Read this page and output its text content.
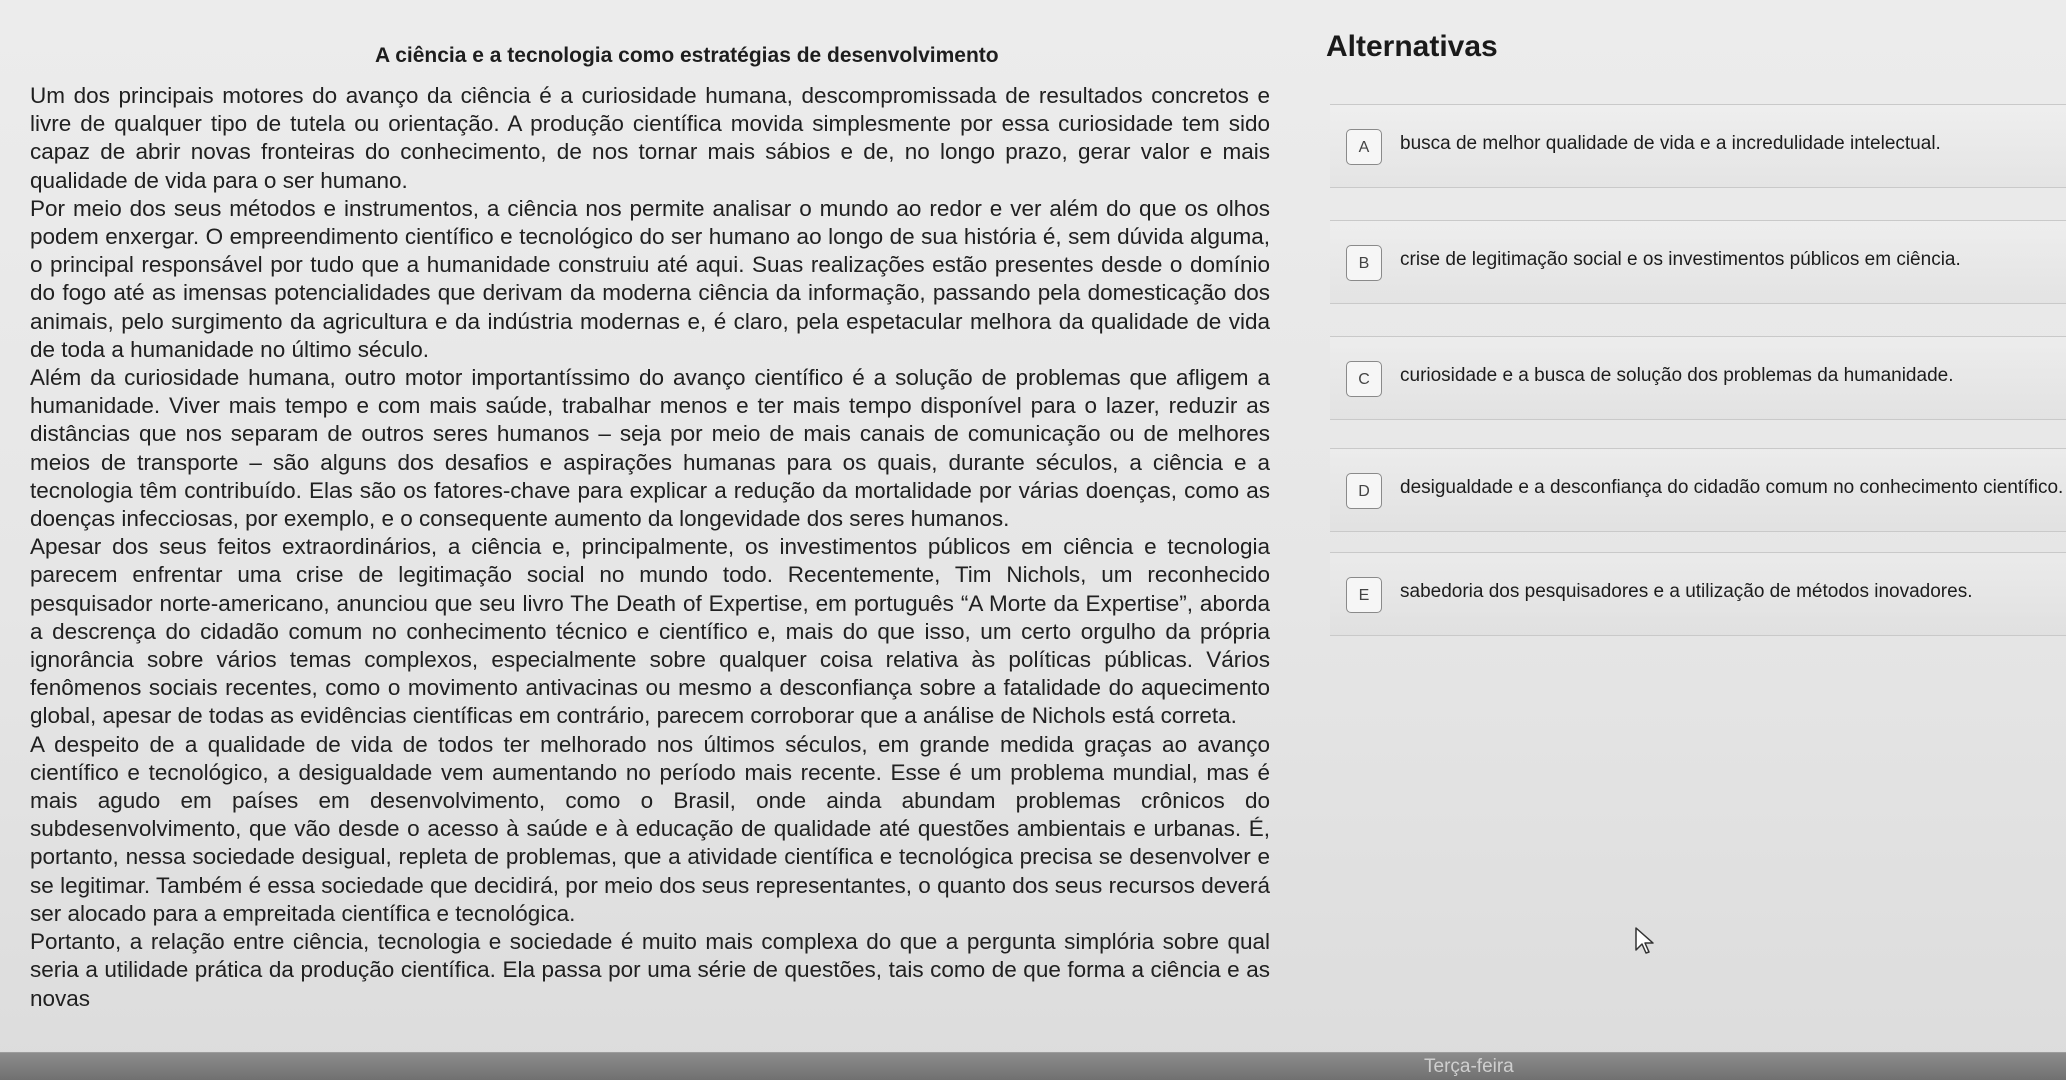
A ciência e a tecnologia como estratégias de desenvolvimento

Um dos principais motores do avanço da ciência é a curiosidade humana, descompromissada de resultados concretos e livre de qualquer tipo de tutela ou orientação. A produção científica movida simplesmente por essa curiosidade tem sido capaz de abrir novas fronteiras do conhecimento, de nos tornar mais sábios e de, no longo prazo, gerar valor e mais qualidade de vida para o ser humano.

Por meio dos seus métodos e instrumentos, a ciência nos permite analisar o mundo ao redor e ver além do que os olhos podem enxergar. O empreendimento científico e tecnológico do ser humano ao longo de sua história é, sem dúvida alguma, o principal responsável por tudo que a humanidade construiu até aqui. Suas realizações estão presentes desde o domínio do fogo até as imensas potencialidades que derivam da moderna ciência da informação, passando pela domesticação dos animais, pelo surgimento da agricultura e da indústria modernas e, é claro, pela espetacular melhora da qualidade de vida de toda a humanidade no último século.

Além da curiosidade humana, outro motor importantíssimo do avanço científico é a solução de problemas que afligem a humanidade. Viver mais tempo e com mais saúde, trabalhar menos e ter mais tempo disponível para o lazer, reduzir as distâncias que nos separam de outros seres humanos – seja por meio de mais canais de comunicação ou de melhores meios de transporte – são alguns dos desafios e aspirações humanas para os quais, durante séculos, a ciência e a tecnologia têm contribuído. Elas são os fatores-chave para explicar a redução da mortalidade por várias doenças, como as doenças infecciosas, por exemplo, e o consequente aumento da longevidade dos seres humanos.

Apesar dos seus feitos extraordinários, a ciência e, principalmente, os investimentos públicos em ciência e tecnologia parecem enfrentar uma crise de legitimação social no mundo todo. Recentemente, Tim Nichols, um reconhecido pesquisador norte-americano, anunciou que seu livro The Death of Expertise, em português “A Morte da Expertise”, aborda a descrença do cidadão comum no conhecimento técnico e científico e, mais do que isso, um certo orgulho da própria ignorância sobre vários temas complexos, especialmente sobre qualquer coisa relativa às políticas públicas. Vários fenômenos sociais recentes, como o movimento antivacinas ou mesmo a desconfiança sobre a fatalidade do aquecimento global, apesar de todas as evidências científicas em contrário, parecem corroborar que a análise de Nichols está correta.

A despeito de a qualidade de vida de todos ter melhorado nos últimos séculos, em grande medida graças ao avanço científico e tecnológico, a desigualdade vem aumentando no período mais recente. Esse é um problema mundial, mas é mais agudo em países em desenvolvimento, como o Brasil, onde ainda abundam problemas crônicos do subdesenvolvimento, que vão desde o acesso à saúde e à educação de qualidade até questões ambientais e urbanas. É, portanto, nessa sociedade desigual, repleta de problemas, que a atividade científica e tecnológica precisa se desenvolver e se legitimar. Também é essa sociedade que decidirá, por meio dos seus representantes, o quanto dos seus recursos deverá ser alocado para a empreitada científica e tecnológica.

Portanto, a relação entre ciência, tecnologia e sociedade é muito mais complexa do que a pergunta simplória sobre qual seria a utilidade prática da produção científica. Ela passa por uma série de questões, tais como de que forma a ciência e as novas

Alternativas
A	busca de melhor qualidade de vida e a incredulidade intelectual.
B	crise de legitimação social e os investimentos públicos em ciência.
C	curiosidade e a busca de solução dos problemas da humanidade.
D	desigualdade e a desconfiança do cidadão comum no conhecimento científico.
E	sabedoria dos pesquisadores e a utilização de métodos inovadores.
Terça-feira
